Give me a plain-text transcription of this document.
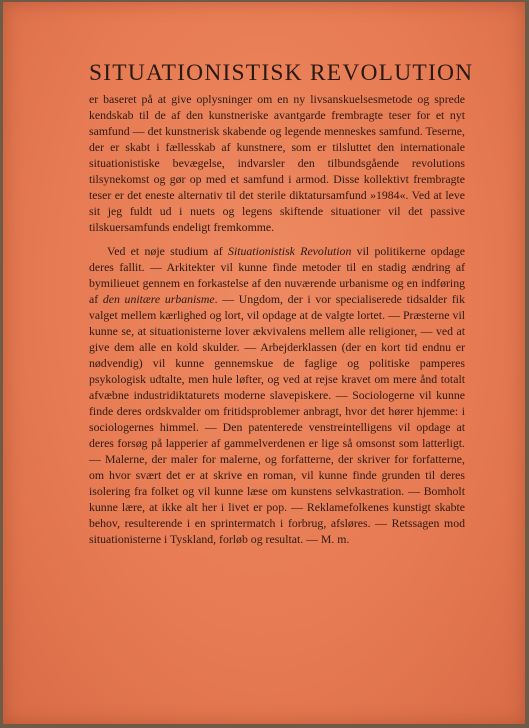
SITUATIONISTISK REVOLUTION

er baseret på at give oplysninger om en ny livsanskuelsesmetode og sprede kendskab til de af den kunstneriske avantgarde frembragte teser for et nyt samfund — det kunstnerisk skabende og legende menneskes samfund. Teserne, der er skabt i fællesskab af kunstnere, som er tilsluttet den internationale situationistiske bevægelse, indvarsler den tilbundsgående revolutions tilsynekomst og gør op med et samfund i armod. Disse kollektivt frembragte teser er det eneste alternativ til det sterile diktatursamfund »1984«. Ved at leve sit jeg fuldt ud i nuets og legens skiftende situationer vil det passive tilskuersamfunds endeligt fremkomme.

Ved et nøje studium af Situationistisk Revolution vil politikerne opdage deres fallit. — Arkitekter vil kunne finde metoder til en stadig ændring af bymilieuet gennem en forkastelse af den nuværende urbanisme og en indføring af den unitære urbanisme. — Ungdom, der i vor specialiserede tidsalder fik valget mellem kærlighed og lort, vil opdage at de valgte lortet. — Præsterne vil kunne se, at situationisterne lover ækvivalens mellem alle religioner, — ved at give dem alle en kold skulder. — Arbejderklassen (der en kort tid endnu er nødvendig) vil kunne gennemskue de faglige og politiske pamperes psykologisk udtalte, men hule løfter, og ved at rejse kravet om mere ånd totalt afvæbne industridiktaturets moderne slavepiskere. — Sociologerne vil kunne finde deres ordskvalder om fritidsproblemer anbragt, hvor det hører hjemme: i sociologernes himmel. — Den patenterede venstreintelligens vil opdage at deres forsøg på lapperier af gammelverdenen er lige så omsonst som latterligt. — Malerne, der maler for malerne, og forfatterne, der skriver for forfatterne, om hvor svært det er at skrive en roman, vil kunne finde grunden til deres isolering fra folket og vil kunne læse om kunstens selvkastration. — Bomholt kunne lære, at ikke alt her i livet er pop. — Reklamefolkenes kunstigt skabte behov, resulterende i en sprintermatch i forbrug, afsløres. — Retssagen mod situationisterne i Tyskland, forløb og resultat. — M. m.
